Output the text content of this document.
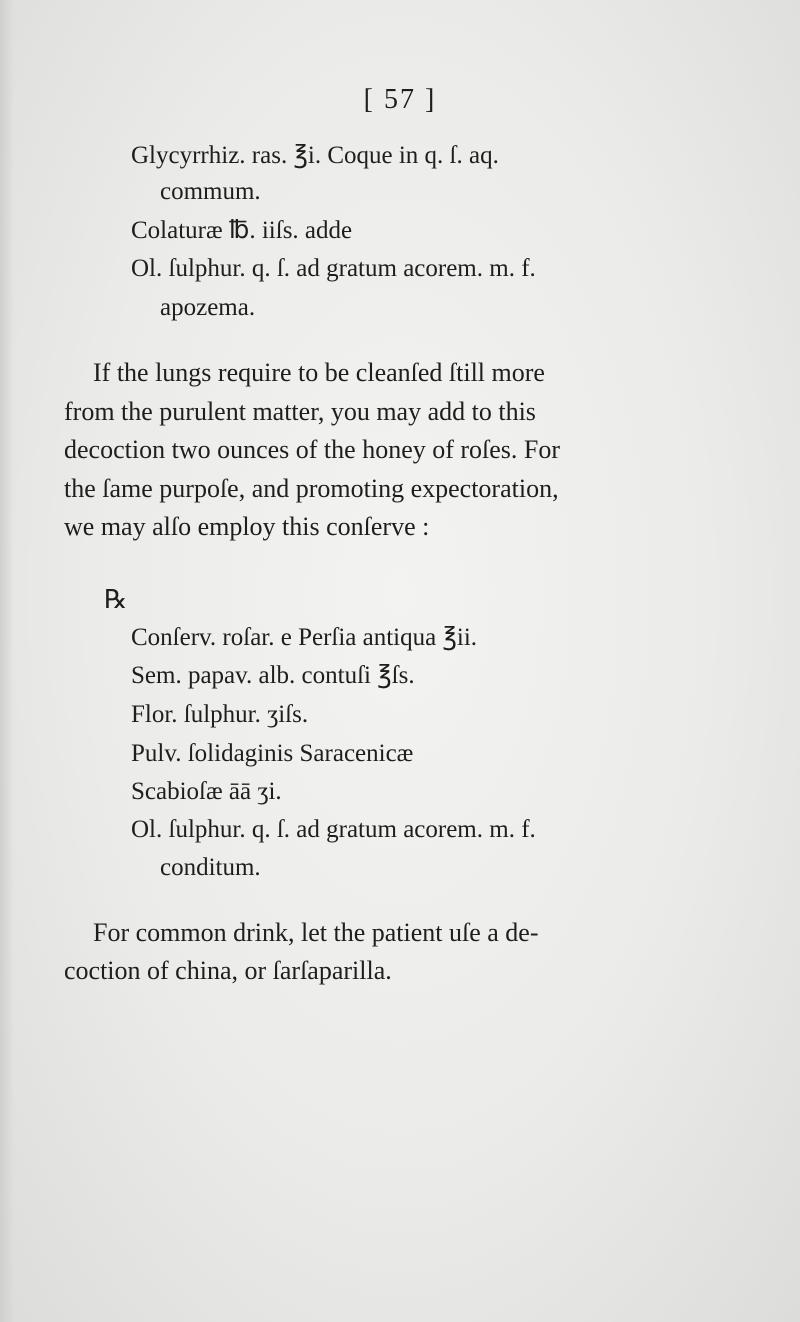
[ 57 ]
Glycyrrhiz. ras. ℥i. Coque in q. ſ. aq.
commum.
Colaturæ ℔. iiſs. adde
Ol. ſulphur. q. ſ. ad gratum acorem. m. f.
apozema.
If the lungs require to be cleanſed ſtill more
from the purulent matter, you may add to this
decoction two ounces of the honey of roſes. For
the ſame purpoſe, and promoting expectoration,
we may alſo employ this conſerve :
℞
Conſerv. roſar. e Perſia antiqua ℥ii.
Sem. papav. alb. contuſi ℥ſs.
Flor. ſulphur. ʒiſs.
Pulv. ſolidaginis Saracenicæ
Scabioſæ āā ʒi.
Ol. ſulphur. q. ſ. ad gratum acorem. m. f.
conditum.
For common drink, let the patient uſe a de-
coction of china, or ſarſaparilla.
